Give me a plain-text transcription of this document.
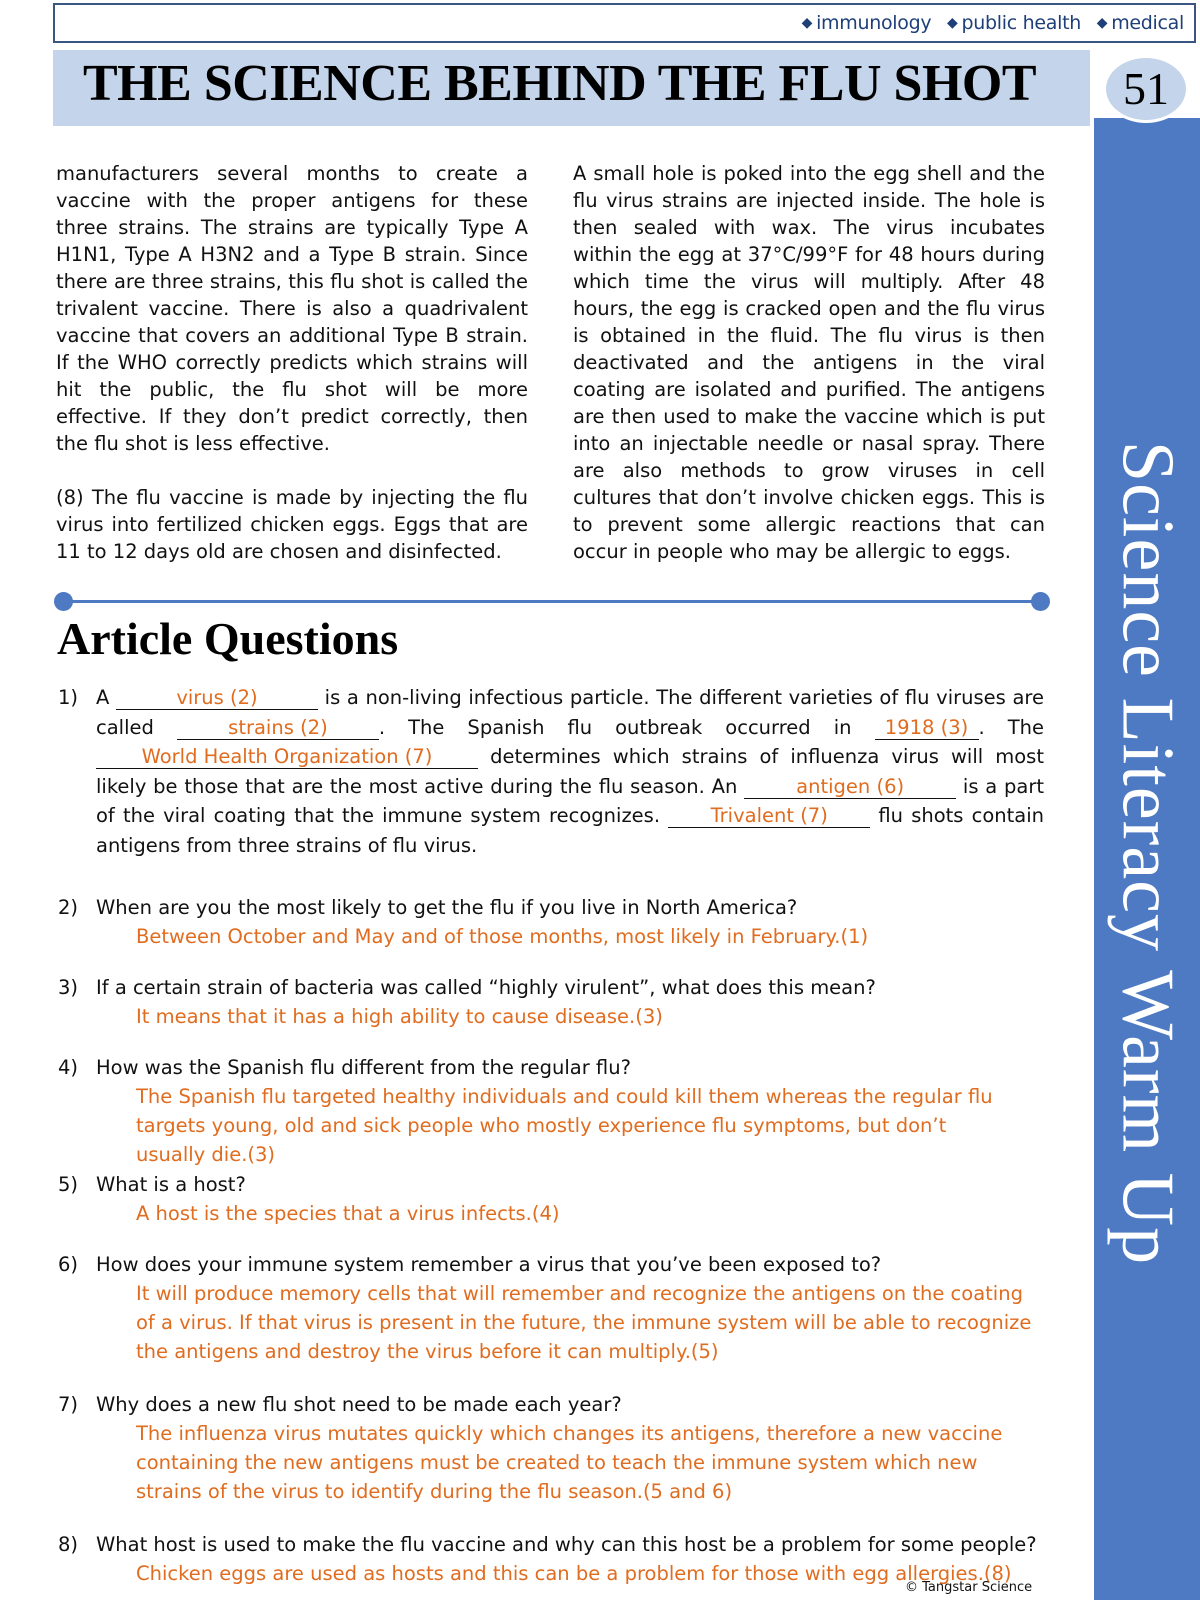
◆ immunology ◆ public health ◆ medical
THE SCIENCE BEHIND THE FLU SHOT
Science Literacy Warm Up
51

manufacturers several months to create a vaccine with the proper antigens for these three strains. The strains are typically Type A H1N1, Type A H3N2 and a Type B strain. Since there are three strains, this flu shot is called the trivalent vaccine. There is also a quadrivalent vaccine that covers an additional Type B strain. If the WHO correctly predicts which strains will hit the public, the flu shot will be more effective. If they don’t predict correctly, then the flu shot is less effective.

(8) The flu vaccine is made by injecting the flu virus into fertilized chicken eggs. Eggs that are 11 to 12 days old are chosen and disinfected.

A small hole is poked into the egg shell and the flu virus strains are injected inside. The hole is then sealed with wax. The virus incubates within the egg at 37°C/99°F for 48 hours during which time the virus will multiply. After 48 hours, the egg is cracked open and the flu virus is obtained in the fluid. The flu virus is then deactivated and the antigens in the viral coating are isolated and purified. The antigens are then used to make the vaccine which is put into an injectable needle or nasal spray. There are also methods to grow viruses in cell cultures that don’t involve chicken eggs. This is to prevent some allergic reactions that can occur in people who may be allergic to eggs.

Article Questions
1) A	virus (2)	is a non-living infectious particle. The different varieties of flu viruses are called	strains (2)	. The Spanish flu outbreak occurred in 1918 (3) . The World Health Organization (7)	determines which strains of influenza virus will most likely be those that are the most active during the flu season. An	antigen (6)	is a part of the viral coating that the immune system recognizes.	Trivalent (7)	flu shots contain antigens from three strains of flu virus.
2) When are you the most likely to get the flu if you live in North America?
Between October and May and of those months, most likely in February.(1)
3) If a certain strain of bacteria was called “highly virulent”, what does this mean?
It means that it has a high ability to cause disease.(3)
4) How was the Spanish flu different from the regular flu?
The Spanish flu targeted healthy individuals and could kill them whereas the regular flu targets young, old and sick people who mostly experience flu symptoms, but don’t usually die.(3)
5) What is a host?
A host is the species that a virus infects.(4)
6) How does your immune system remember a virus that you’ve been exposed to?
It will produce memory cells that will remember and recognize the antigens on the coating of a virus. If that virus is present in the future, the immune system will be able to recognize the antigens and destroy the virus before it can multiply.(5)
7) Why does a new flu shot need to be made each year?
The influenza virus mutates quickly which changes its antigens, therefore a new vaccine containing the new antigens must be created to teach the immune system which new strains of the virus to identify during the flu season.(5 and 6)
8) What host is used to make the flu vaccine and why can this host be a problem for some people?
Chicken eggs are used as hosts and this can be a problem for those with egg allergies.(8)
© Tangstar Science
